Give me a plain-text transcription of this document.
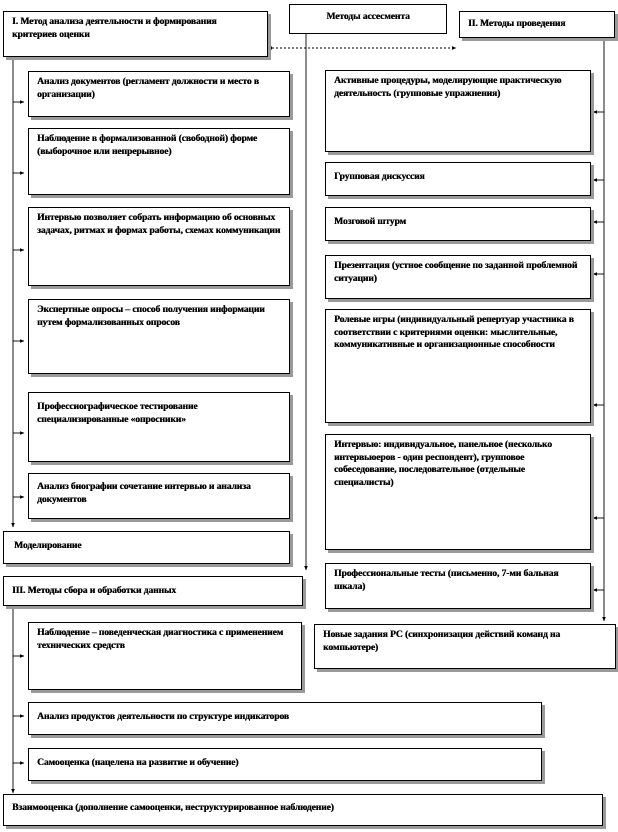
Методы ассесмента
I. Метод анализа деятельности и формирования критериев оценки
Анализ документов (регламент должности и место в организации)
Наблюдение в формализованной (свободной) форме (выборочное или непрерывное)
Интервью позволяет собрать информацию об основных задачах, ритмах и формах работы, схемах коммуникации
Экспертные опросы – способ получения информации путем формализованных опросов
Профессиографическое тестирование специализированные «опросники»
Анализ биографии сочетание интервью и анализа документов
Моделирование
II. Методы проведения
Активные процедуры, моделирующие практическую деятельность (групповые упражнения)
Групповая дискуссия
Мозговой штурм
Презентация (устное сообщение по заданной проблемной ситуации)
Ролевые игры (индивидуальный репертуар участника в соответствии с критериями оценки: мыслительные, коммуникативные и организационные способности
Интервью: индивидуальное, панельное (несколько интервьюеров - один респондент), групповое собеседование, последовательное (отдельные специалисты)
Профессиональные тесты (письменно, 7-ми бальная шкала)
Новые задания РС (синхронизация действий команд на компьютере)
III. Методы сбора и обработки данных
Наблюдение – поведенческая диагностика с применением технических средств
Анализ продуктов деятельности по структуре индикаторов
Самооценка (нацелена на развитие и обучение)
Взаимооценка (дополнение самооценки, неструктурированное наблюдение)
